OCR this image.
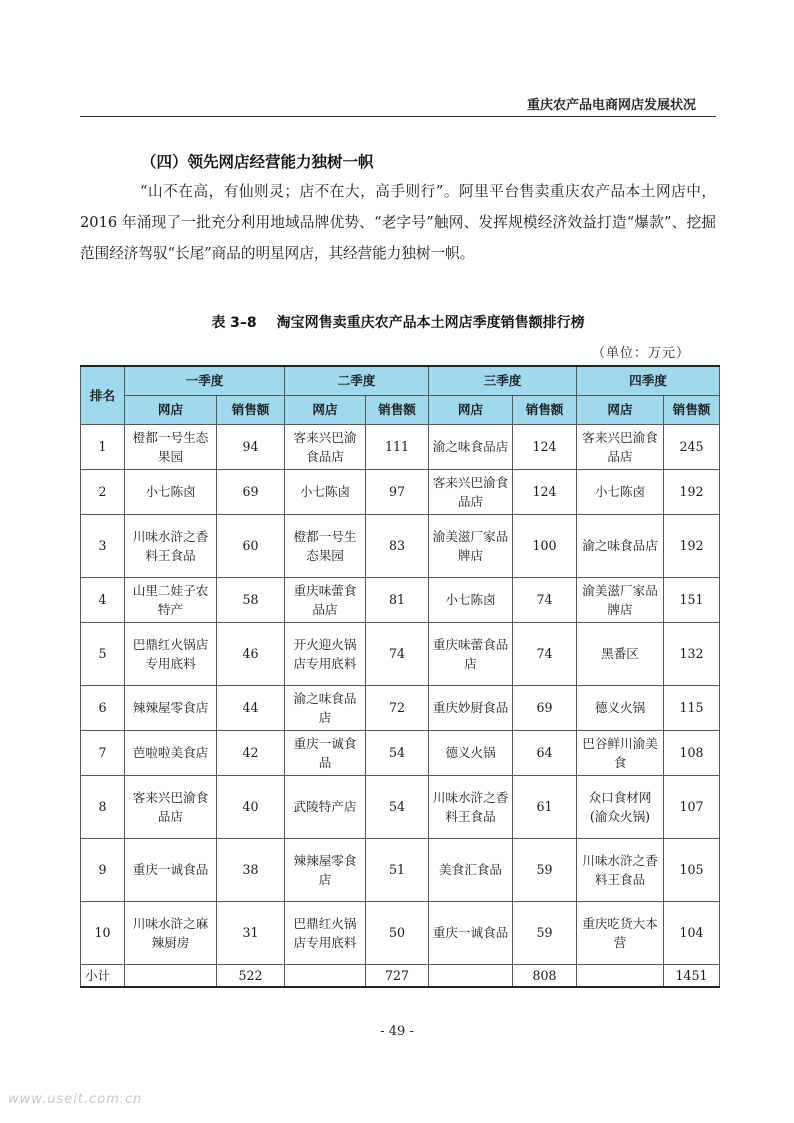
重庆农产品电商网店发展状况
（四）领先网店经营能力独树一帜

“山不在高，有仙则灵；店不在大，高手则行”。阿里平台售卖重庆农产品本土网店中，2016 年涌现了一批充分利用地域品牌优势、“老字号”触网、发挥规模经济效益打造“爆款”、挖掘范围经济驾驭“长尾”商品的明星网店，其经营能力独树一帜。

表 3–8 淘宝网售卖重庆农产品本土网店季度销售额排行榜
（单位：万元）
排名	一季度		二季度		三季度		四季度	
	网店	销售额	网店	销售额	网店	销售额	网店	销售额
1	橙都一号生态果园	94	客来兴巴渝食品店	111	渝之味食品店	124	客来兴巴渝食品店	245
2	小七陈卤	69	小七陈卤	97	客来兴巴渝食品店	124	小七陈卤	192
3	川味水浒之香料王食品	60	橙都一号生态果园	83	渝美滋厂家品牌店	100	渝之味食品店	192
4	山里二娃子农特产	58	重庆味蕾食品店	81	小七陈卤	74	渝美滋厂家品牌店	151
5	巴鼎红火锅店专用底料	46	开火迎火锅店专用底料	74	重庆味蕾食品店	74	黑番区	132
6	辣辣屋零食店	44	渝之味食品店	72	重庆妙厨食品	69	德义火锅	115
7	芭啦啦美食店	42	重庆一诚食品	54	德义火锅	64	巴谷鲜川渝美食	108
8	客来兴巴渝食品店	40	武陵特产店	54	川味水浒之香料王食品	61	众口食材网(渝众火锅)	107
9	重庆一诚食品	38	辣辣屋零食店	51	美食汇食品	59	川味水浒之香料王食品	105
10	川味水浒之麻辣厨房	31	巴鼎红火锅店专用底料	50	重庆一诚食品	59	重庆吃货大本营	104
小计		522		727		808		1451
- 49 -
www.useit.com.cn
